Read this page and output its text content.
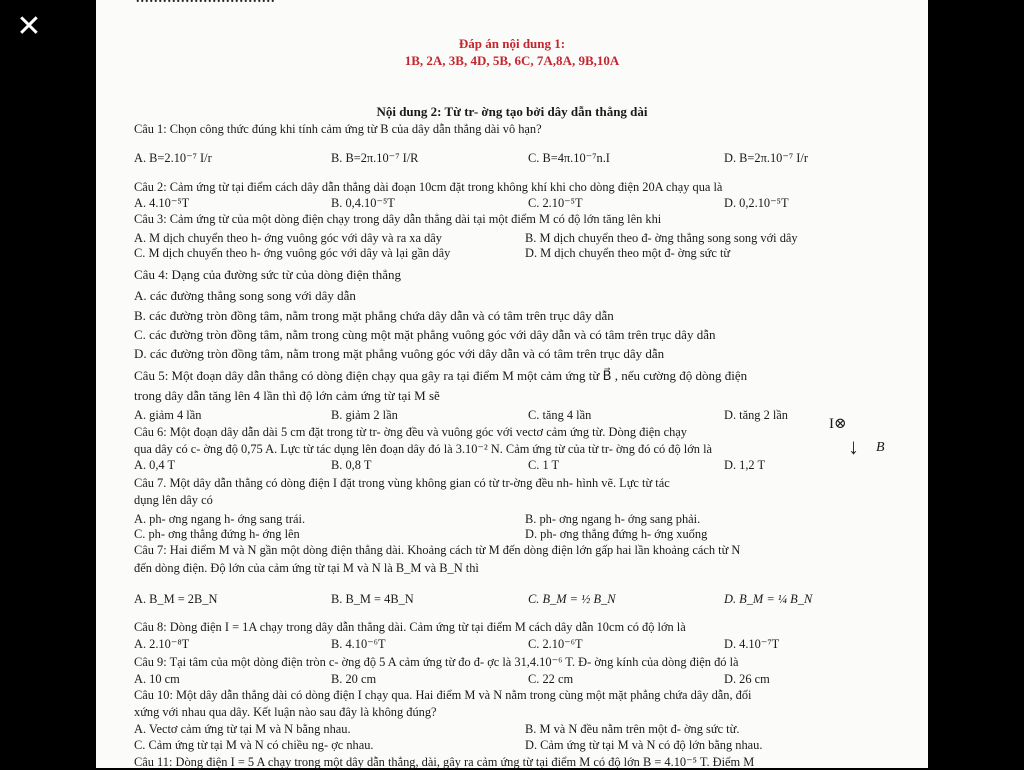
✕	Đáp án nội dung 1:
1B, 2A, 3B, 4D, 5B, 6C, 7A,8A, 9B,10A
Nội dung 2: Từ tr- ờng tạo bởi dây dẫn thẳng dài
Câu 1: Chọn công thức đúng khi tính cảm ứng từ B của dây dẫn thẳng dài vô hạn?
A. B=2.10⁻⁷ I/r	B. B=2π.10⁻⁷ I/R	C. B=4π.10⁻⁷n.I	D. B=2π.10⁻⁷ I/r
Câu 2: Cảm ứng từ tại điểm cách dây dẫn thẳng dài đoạn 10cm đặt trong không khí khi cho dòng điện 20A chạy qua là
A. 4.10⁻⁵T	B. 0,4.10⁻⁵T	C. 2.10⁻⁵T	D. 0,2.10⁻⁵T
Câu 3: Cảm ứng từ của một dòng điện chạy trong dây dẫn thẳng dài tại một điểm M có độ lớn tăng lên khi
A. M dịch chuyển theo h- ớng vuông góc với dây và ra xa dây	B. M dịch chuyển theo đ- ờng thẳng song song với dây
C. M dịch chuyển theo h- ớng vuông góc với dây và lại gần dây	D. M dịch chuyển theo một đ- ờng sức từ
Câu 4: Dạng của đường sức từ của dòng điện thẳng
A. các đường thẳng song song với dây dẫn
B. các đường tròn đồng tâm, nằm trong mặt phẳng chứa dây dẫn và có tâm trên trục dây dẫn
C. các đường tròn đồng tâm, nằm trong cùng một mặt phẳng vuông góc với dây dẫn và có tâm trên trục dây dẫn
D. các đường tròn đồng tâm, nằm trong mặt phẳng vuông góc với dây dẫn và có tâm trên trục dây dẫn
Câu 5: Một đoạn dây dẫn thẳng có dòng điện chạy qua gây ra tại điểm M một cảm ứng từ B⃗ , nếu cường độ dòng điện
trong dây dẫn tăng lên 4 lần thì độ lớn cảm ứng từ tại M sẽ
A. giảm 4 lần	B. giảm 2 lần	C. tăng 4 lần	D. tăng 2 lần
Câu 6: Một đoạn dây dẫn dài 5 cm đặt trong từ tr- ờng đều và vuông góc với vectơ cảm ứng từ. Dòng điện chạy
qua dây có c- ờng độ 0,75 A. Lực từ tác dụng lên đoạn dây đó là 3.10⁻² N. Cảm ứng từ của từ tr- ờng đó có độ lớn là
A. 0,4 T	B. 0,8 T	C. 1 T	D. 1,2 T
I⊗
↓ B⃗
Câu 7. Một dây dẫn thẳng có dòng điện I đặt trong vùng không gian có từ tr-ờng đều nh- hình vẽ. Lực từ tác
dụng lên dây có
A. ph- ơng ngang h- ớng sang trái.	B. ph- ơng ngang h- ớng sang phải.
C. ph- ơng thẳng đứng h- ớng lên	D. ph- ơng thẳng đứng h- ớng xuống
Câu 7: Hai điểm M và N gần một dòng điện thẳng dài. Khoảng cách từ M đến dòng điện lớn gấp hai lần khoảng cách từ N
đến dòng điện. Độ lớn của cảm ứng từ tại M và N là B_M và B_N thì
A. B_M = 2B_N	B. B_M = 4B_N	C. B_M = ½ B_N	D. B_M = ¼ B_N
Câu 8: Dòng điện I = 1A chạy trong dây dẫn thẳng dài. Cảm ứng từ tại điểm M cách dây dẫn 10cm có độ lớn là
A. 2.10⁻⁸T	B. 4.10⁻⁶T	C. 2.10⁻⁶T	D. 4.10⁻⁷T
Câu 9: Tại tâm của một dòng điện tròn c- ờng độ 5 A cảm ứng từ đo đ- ợc là 31,4.10⁻⁶ T. Đ- ờng kính của dòng điện đó là
A. 10 cm	B. 20 cm	C. 22 cm	D. 26 cm
Câu 10: Một dây dẫn thẳng dài có dòng điện I chạy qua. Hai điểm M và N nằm trong cùng một mặt phẳng chứa dây dẫn, đối
xứng với nhau qua dây. Kết luận nào sau đây là không đúng?
A. Vectơ cảm ứng từ tại M và N bằng nhau.	B. M và N đều nằm trên một đ- ờng sức từ.
C. Cảm ứng từ tại M và N có chiều ng- ợc nhau.	D. Cảm ứng từ tại M và N có độ lớn bằng nhau.
Câu 11: Dòng điện I = 5 A chạy trong một dây dẫn thẳng, dài, gây ra cảm ứng từ tại điểm M có độ lớn B = 4.10⁻⁵ T. Điểm M
